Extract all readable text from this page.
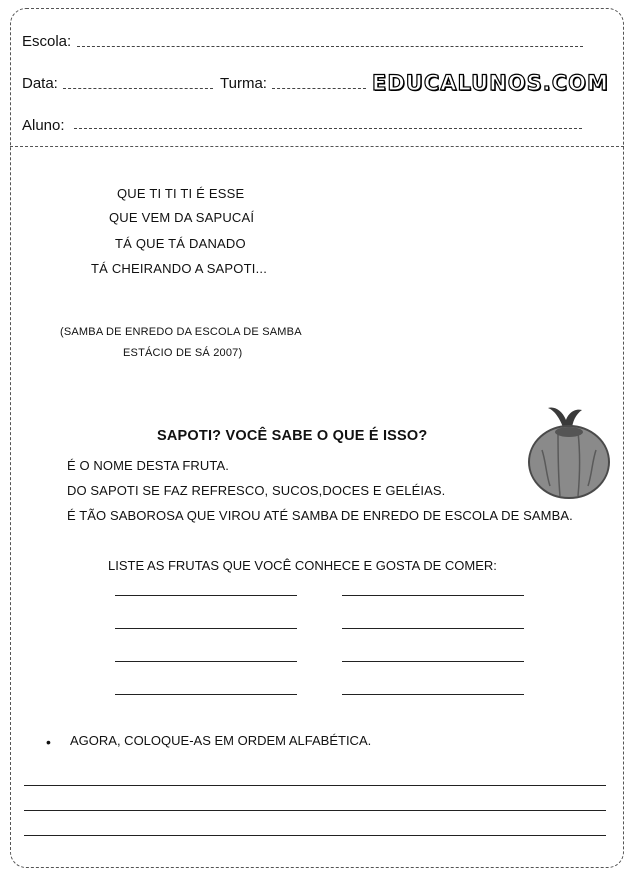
Escola:
Data:	Turma:	EDUCALUNOS.COM
Aluno:
QUE TI TI TI É ESSE
QUE VEM DA SAPUCAÍ
TÁ QUE TÁ DANADO
TÁ CHEIRANDO A SAPOTI...
(SAMBA DE ENREDO DA ESCOLA DE SAMBA
ESTÁCIO DE SÁ 2007)
SAPOTI? VOCÊ SABE O QUE É ISSO?
É O NOME DESTA FRUTA.
DO SAPOTI SE FAZ REFRESCO, SUCOS,DOCES E GELÉIAS.
É TÃO SABOROSA QUE VIROU ATÉ SAMBA DE ENREDO DE ESCOLA DE SAMBA.
LISTE AS FRUTAS QUE VOCÊ CONHECE E GOSTA DE COMER:
• AGORA, COLOQUE-AS EM ORDEM ALFABÉTICA.
